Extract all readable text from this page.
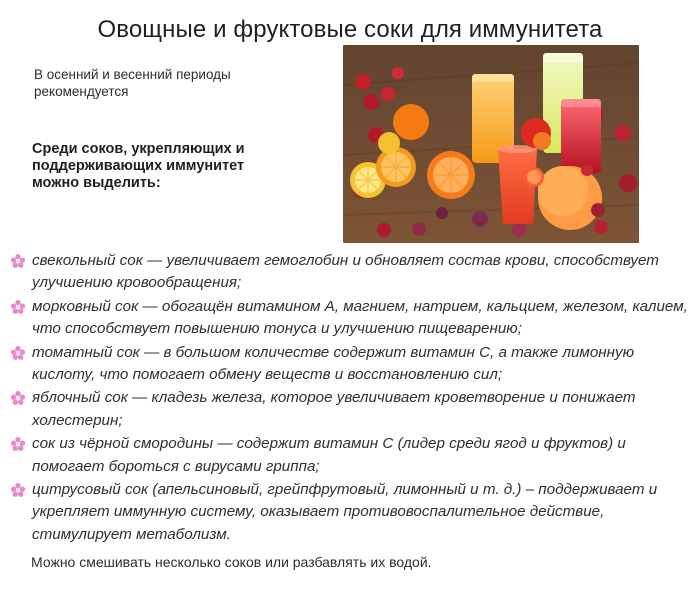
Овощные и фруктовые соки для иммунитета
В осенний и весенний периоды
рекомендуется
Среди соков, укрепляющих и
поддерживающих иммунитет
можно выделить:
свекольный сок — увеличивает гемоглобин и обновляет состав крови, способствует улучшению кровообращения;
морковный сок — обогащён витамином А, магнием, натрием, кальцием, железом, калием, что способствует повышению тонуса и улучшению пищеварению;
томатный сок — в большом количестве содержит витамин С, а также лимонную кислоту, что помогает обмену веществ и восстановлению сил;
яблочный сок — кладезь железа, которое увеличивает кроветворение и понижает холестерин;
сок из чёрной смородины — содержит витамин С (лидер среди ягод и фруктов) и помогает бороться с вирусами гриппа;
цитрусовый сок (апельсиновый, грейпфрутовый, лимонный и т. д.) – поддерживает и укрепляет иммунную систему, оказывает противовоспалительное действие, стимулирует метаболизм.
Можно смешивать несколько соков или разбавлять их водой.
